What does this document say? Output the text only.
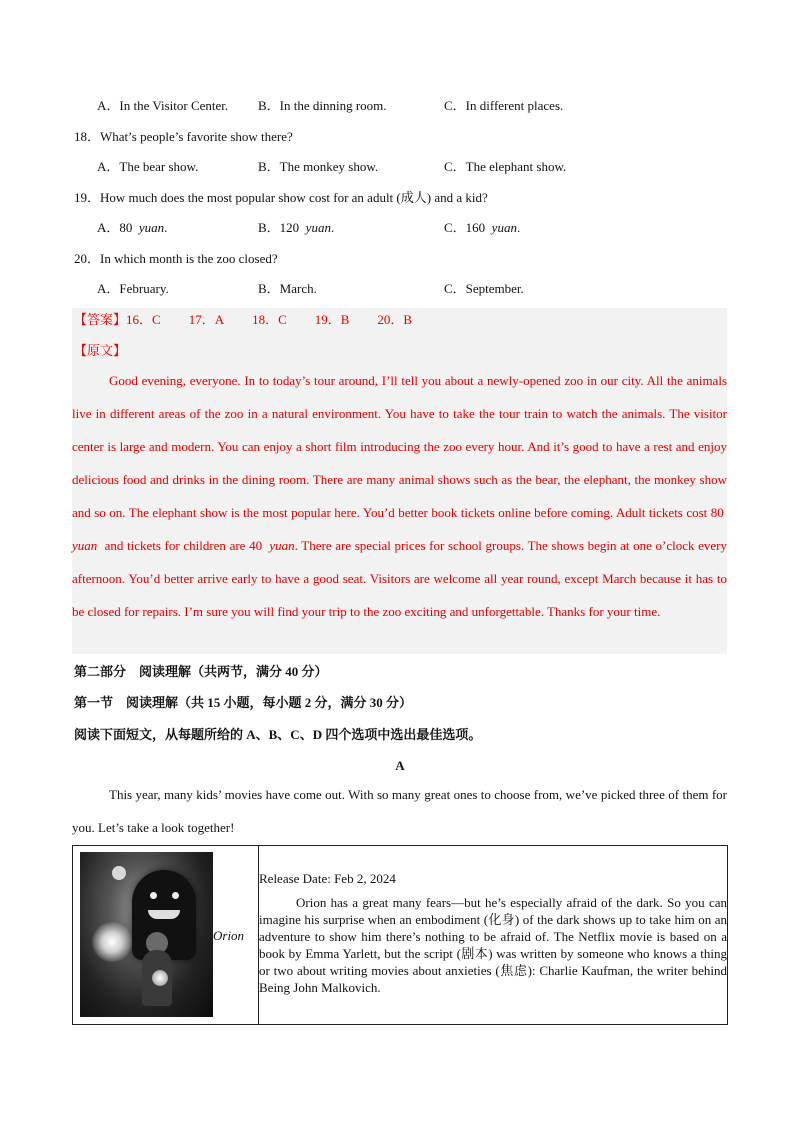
A．In the Visitor Center. B．In the dinning room.	C．In different places.
18．What’s people’s favorite show there?
A．The bear show.	B．The monkey show.	C．The elephant show.
19．How much does the most popular show cost for an adult (成人) and a kid?
A．80 yuan.	B．120 yuan.	C．160 yuan.
20．In which month is the zoo closed?
A．February.	B．March.	C．September.
【答案】16．C 17．A 18．C 19．B 20．B
【原文】
Good evening, everyone. In to today’s tour around, I’ll tell you about a newly-opened zoo in our city. All the animals live in different areas of the zoo in a natural environment. You have to take the tour train to watch the animals. The visitor center is large and modern. You can enjoy a short film introducing the zoo every hour. And it’s good to have a rest and enjoy delicious food and drinks in the dining room. There are many animal shows such as the bear, the elephant, the monkey show and so on. The elephant show is the most popular here. You’d better book tickets online before coming. Adult tickets cost 80  yuan and tickets for children are 40 yuan. There are special prices for school groups. The shows begin at one o’clock every afternoon. You’d better arrive early to have a good seat. Visitors are welcome all year round, except March because it has to be closed for repairs. I’m sure you will find your trip to the zoo exciting and unforgettable. Thanks for your time.
第二部分　阅读理解（共两节，满分 40 分）
第一节　阅读理解（共 15 小题，每小题 2 分，满分 30 分）
阅读下面短文，从每题所给的 A、B、C、D 四个选项中选出最佳选项。
A
This year, many kids’ movies have come out. With so many great ones to choose from, we’ve picked three of them for you. Let’s take a look together!
Orion

Release Date: Feb 2, 2024
Orion has a great many fears—but he’s especially afraid of the dark. So you can imagine his surprise when an embodiment (化身) of the dark shows up to take him on an adventure to show him there’s nothing to be afraid of. The Netflix movie is based on a book by Emma Yarlett, but the script (剧本) was written by someone who knows a thing or two about writing movies about anxieties (焦虑): Charlie Kaufman, the writer behind Being John Malkovich.
